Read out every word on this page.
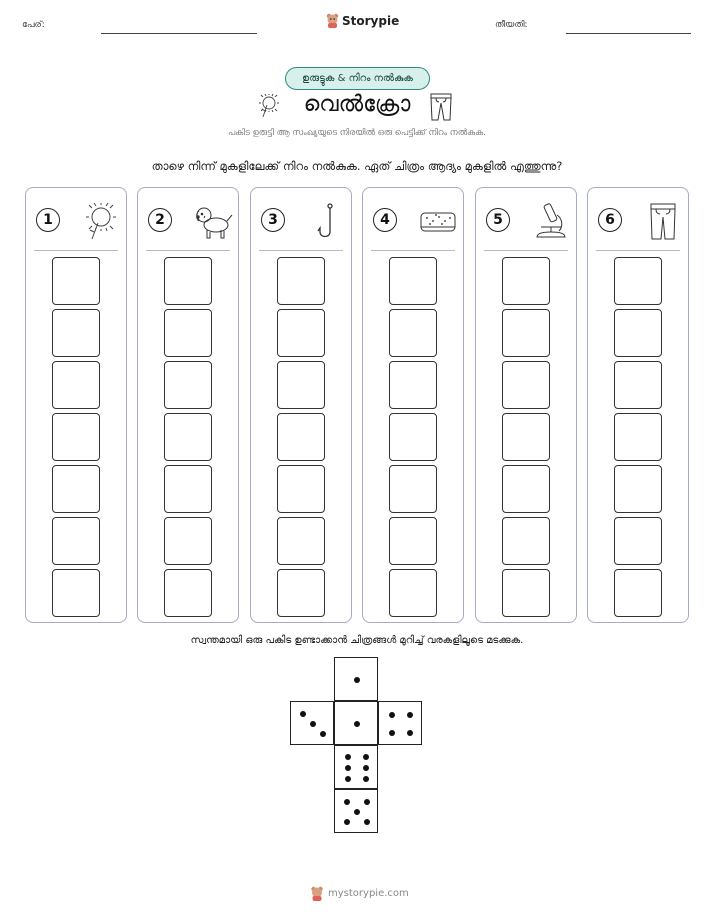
പേര്:	Storypie	തീയതി:
ഉരുട്ടുക & നിറം നൽകുക
വെൽക്രോ
പകിട ഉരുട്ടി ആ സംഖ്യയുടെ നിരയിൽ ഒരു പെട്ടിക്ക് നിറം നൽകുക.
താഴെ നിന്ന് മുകളിലേക്ക് നിറം നൽകുക. ഏത് ചിത്രം ആദ്യം മുകളിൽ എത്തുന്നു?
1	2	3	4	5	6
സ്വന്തമായി ഒരു പകിട ഉണ്ടാക്കാൻ ചിത്രങ്ങൾ മുറിച്ച് വരകളിലൂടെ മടക്കുക.
mystorypie.com
